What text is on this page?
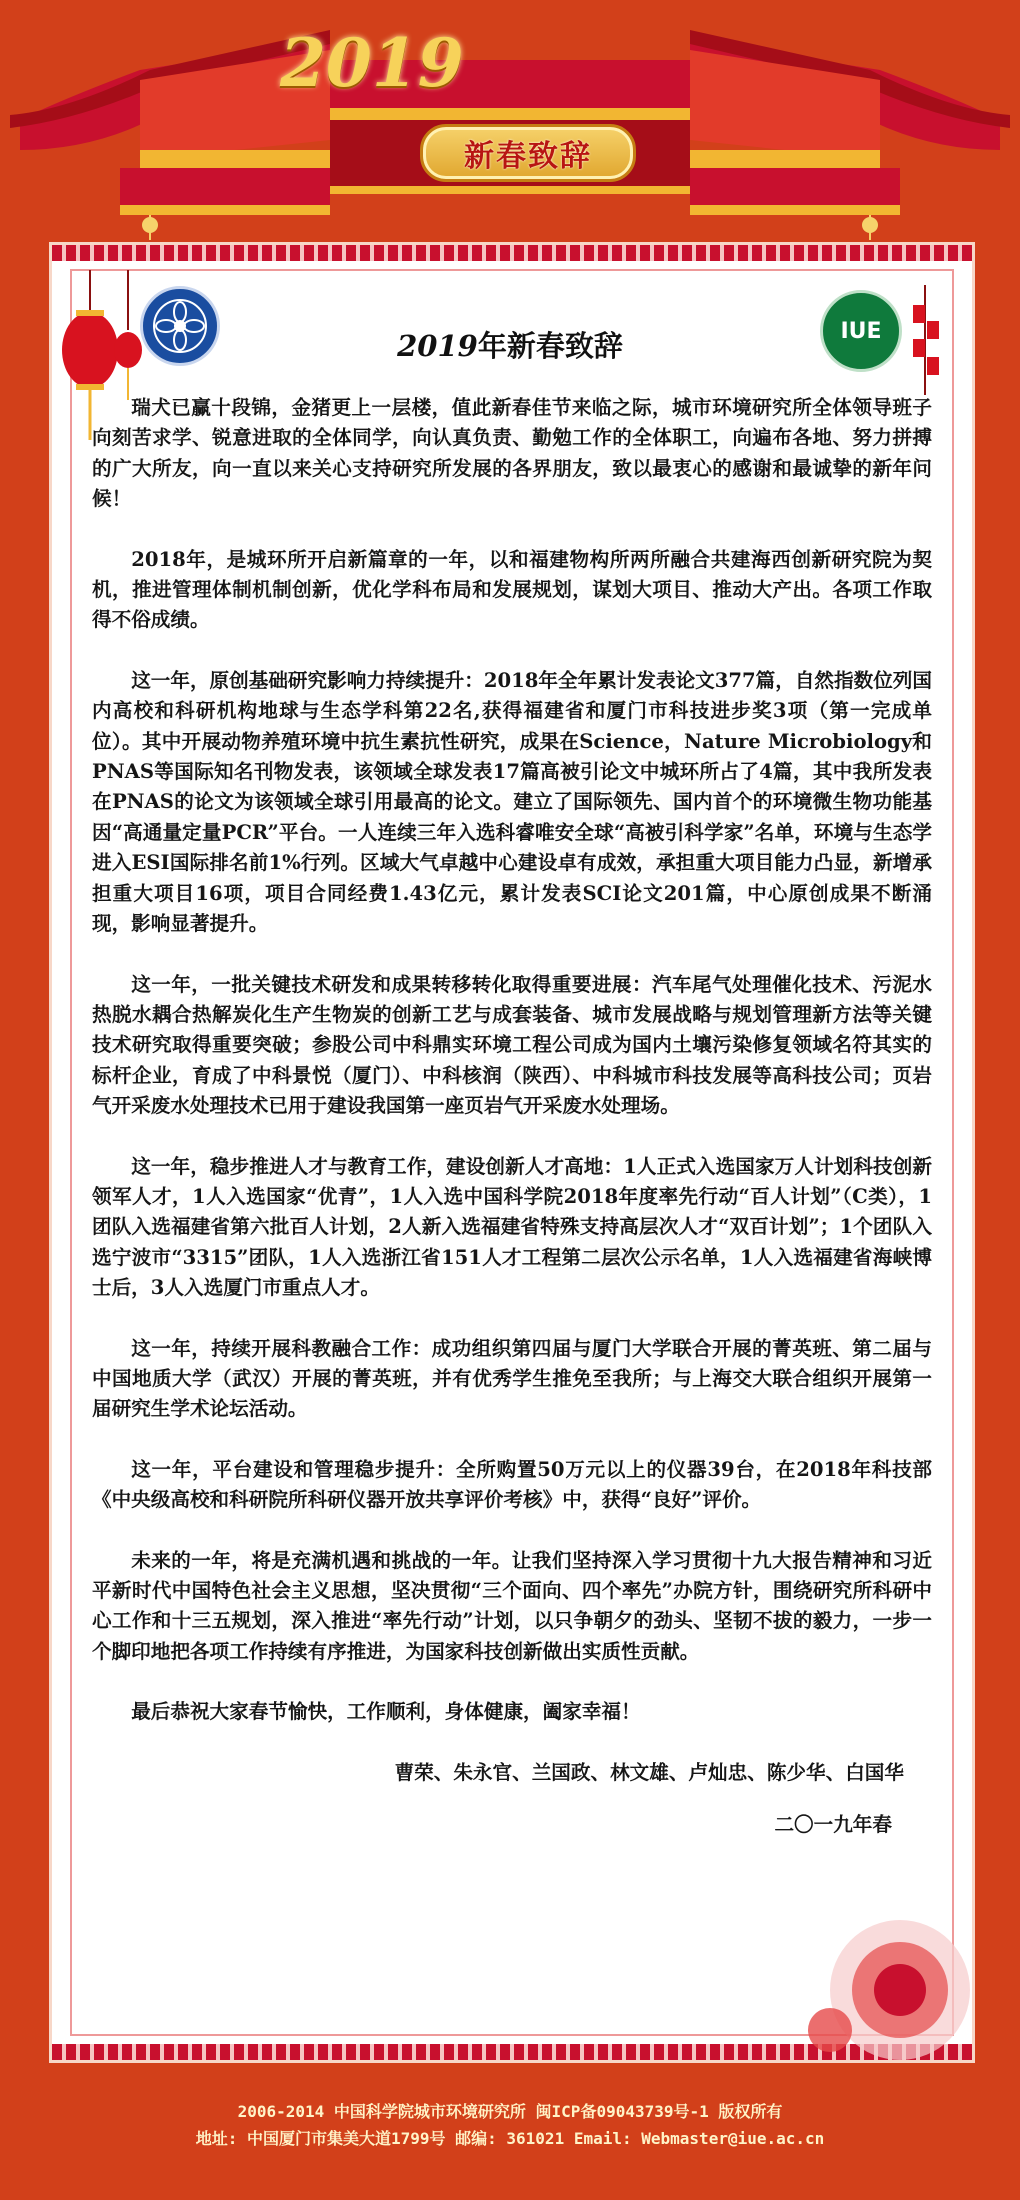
2019
新春致辞
IUE
2019年新春致辞

瑞犬已赢十段锦，金猪更上一层楼，值此新春佳节来临之际，城市环境研究所全体领导班子向刻苦求学、锐意进取的全体同学，向认真负责、勤勉工作的全体职工，向遍布各地、努力拼搏的广大所友，向一直以来关心支持研究所发展的各界朋友，致以最衷心的感谢和最诚挚的新年问候！

2018年，是城环所开启新篇章的一年，以和福建物构所两所融合共建海西创新研究院为契机，推进管理体制机制创新，优化学科布局和发展规划，谋划大项目、推动大产出。各项工作取得不俗成绩。

这一年，原创基础研究影响力持续提升：2018年全年累计发表论文377篇，自然指数位列国内高校和科研机构地球与生态学科第22名,获得福建省和厦门市科技进步奖3项（第一完成单位）。其中开展动物养殖环境中抗生素抗性研究，成果在Science，Nature Microbiology和PNAS等国际知名刊物发表，该领域全球发表17篇高被引论文中城环所占了4篇，其中我所发表在PNAS的论文为该领域全球引用最高的论文。建立了国际领先、国内首个的环境微生物功能基因“高通量定量PCR”平台。一人连续三年入选科睿唯安全球“高被引科学家”名单，环境与生态学进入ESI国际排名前1%行列。区域大气卓越中心建设卓有成效，承担重大项目能力凸显，新增承担重大项目16项，项目合同经费1.43亿元，累计发表SCI论文201篇，中心原创成果不断涌现，影响显著提升。

这一年，一批关键技术研发和成果转移转化取得重要进展：汽车尾气处理催化技术、污泥水热脱水耦合热解炭化生产生物炭的创新工艺与成套装备、城市发展战略与规划管理新方法等关键技术研究取得重要突破；参股公司中科鼎实环境工程公司成为国内土壤污染修复领域名符其实的标杆企业，育成了中科景悦（厦门）、中科核润（陕西）、中科城市科技发展等高科技公司；页岩气开采废水处理技术已用于建设我国第一座页岩气开采废水处理场。

这一年，稳步推进人才与教育工作，建设创新人才高地：1人正式入选国家万人计划科技创新领军人才，1人入选国家“优青”，1人入选中国科学院2018年度率先行动“百人计划”（C类），1团队入选福建省第六批百人计划，2人新入选福建省特殊支持高层次人才“双百计划”；1个团队入选宁波市“3315”团队，1人入选浙江省151人才工程第二层次公示名单，1人入选福建省海峡博士后，3人入选厦门市重点人才。

这一年，持续开展科教融合工作：成功组织第四届与厦门大学联合开展的菁英班、第二届与中国地质大学（武汉）开展的菁英班，并有优秀学生推免至我所；与上海交大联合组织开展第一届研究生学术论坛活动。

这一年，平台建设和管理稳步提升：全所购置50万元以上的仪器39台，在2018年科技部《中央级高校和科研院所科研仪器开放共享评价考核》中，获得“良好”评价。

未来的一年，将是充满机遇和挑战的一年。让我们坚持深入学习贯彻十九大报告精神和习近平新时代中国特色社会主义思想，坚决贯彻“三个面向、四个率先”办院方针，围绕研究所科研中心工作和十三五规划，深入推进“率先行动”计划，以只争朝夕的劲头、坚韧不拔的毅力，一步一个脚印地把各项工作持续有序推进，为国家科技创新做出实质性贡献。

最后恭祝大家春节愉快，工作顺利，身体健康，阖家幸福！

曹荣、朱永官、兰国政、林文雄、卢灿忠、陈少华、白国华
二〇一九年春
2006-2014 中国科学院城市环境研究所 闽ICP备09043739号-1 版权所有
地址: 中国厦门市集美大道1799号 邮编: 361021 Email: Webmaster@iue.ac.cn
